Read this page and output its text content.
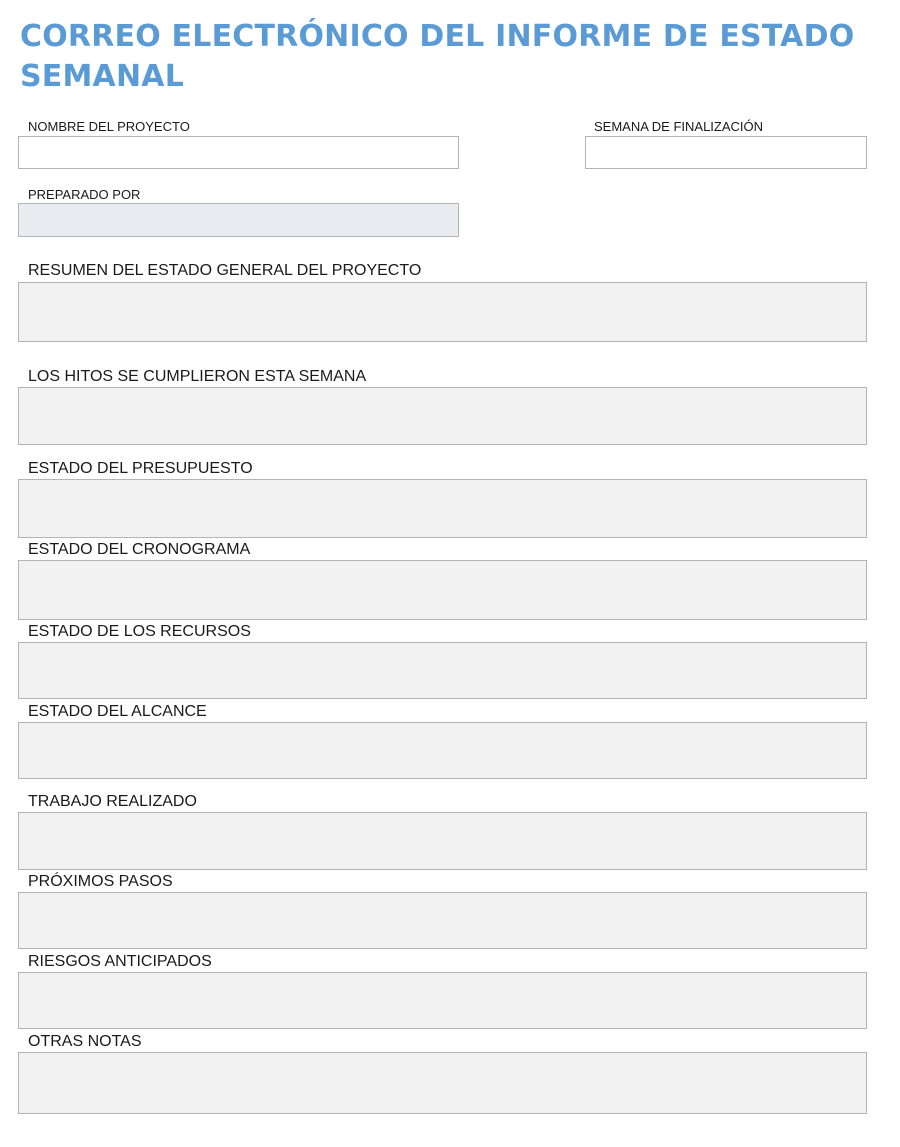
CORREO ELECTRÓNICO DEL INFORME DE ESTADO SEMANAL
NOMBRE DEL PROYECTO	SEMANA DE FINALIZACIÓN
PREPARADO POR
RESUMEN DEL ESTADO GENERAL DEL PROYECTO
LOS HITOS SE CUMPLIERON ESTA SEMANA
ESTADO DEL PRESUPUESTO
ESTADO DEL CRONOGRAMA
ESTADO DE LOS RECURSOS
ESTADO DEL ALCANCE
TRABAJO REALIZADO
PRÓXIMOS PASOS
RIESGOS ANTICIPADOS
OTRAS NOTAS
